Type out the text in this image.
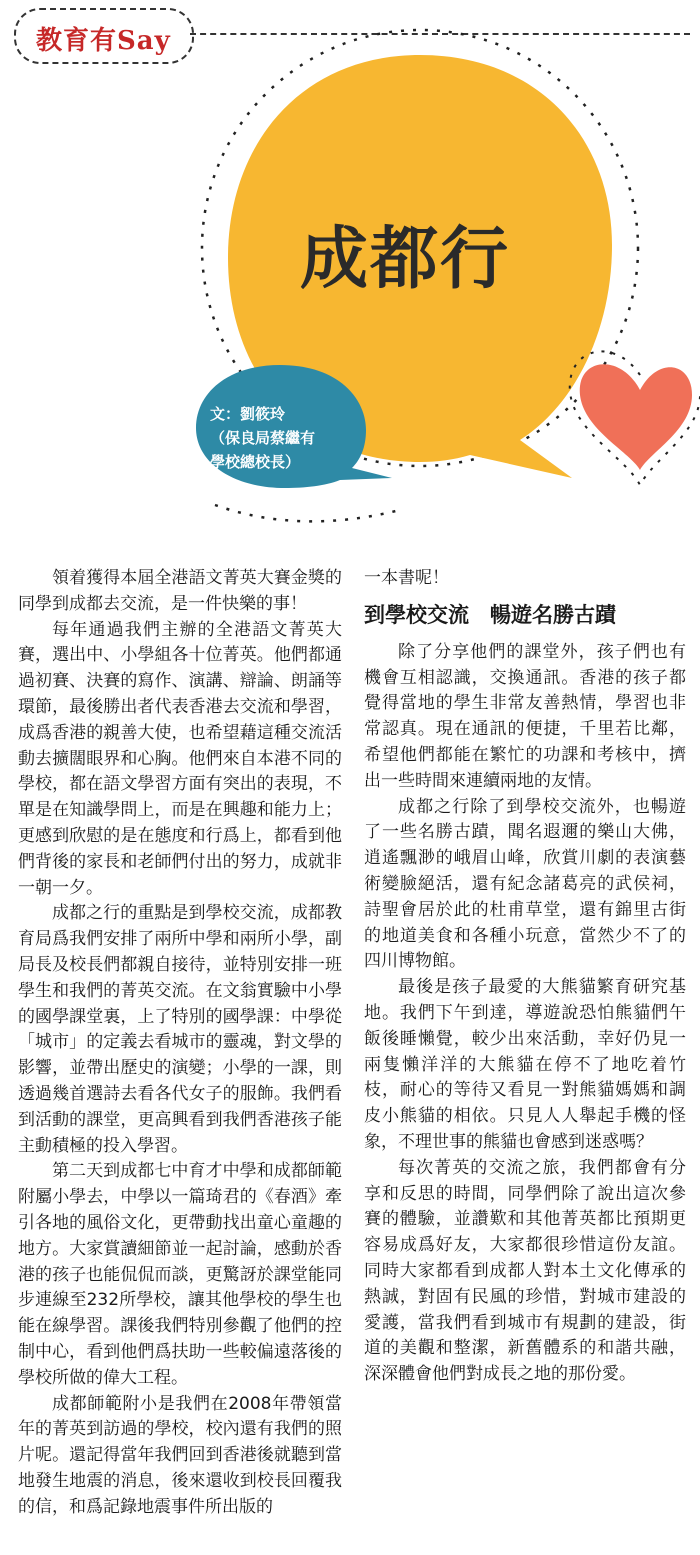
教育有Say
成都行
文：劉筱玲
（保良局蔡繼有
學校總校長）

領着獲得本屆全港語文菁英大賽金獎的同學到成都去交流，是一件快樂的事！

每年通過我們主辦的全港語文菁英大賽，選出中、小學組各十位菁英。他們都通過初賽、決賽的寫作、演講、辯論、朗誦等環節，最後勝出者代表香港去交流和學習，成爲香港的親善大使，也希望藉這種交流活動去擴闊眼界和心胸。他們來自本港不同的學校，都在語文學習方面有突出的表現，不單是在知識學問上，而是在興趣和能力上；更感到欣慰的是在態度和行爲上，都看到他們背後的家長和老師們付出的努力，成就非一朝一夕。

成都之行的重點是到學校交流，成都教育局爲我們安排了兩所中學和兩所小學，副局長及校長們都親自接待，並特別安排一班學生和我們的菁英交流。在文翁實驗中小學的國學課堂裏，上了特別的國學課：中學從「城市」的定義去看城市的靈魂，對文學的影響，並帶出歷史的演變；小學的一課，則透過幾首選詩去看各代女子的服飾。我們看到活動的課堂，更高興看到我們香港孩子能主動積極的投入學習。

第二天到成都七中育才中學和成都師範附屬小學去，中學以一篇琦君的《春酒》牽引各地的風俗文化，更帶動找出童心童趣的地方。大家賞讀細節並一起討論，感動於香港的孩子也能侃侃而談，更驚訝於課堂能同步連線至232所學校，讓其他學校的學生也能在線學習。課後我們特別參觀了他們的控制中心，看到他們爲扶助一些較偏遠落後的學校所做的偉大工程。

成都師範附小是我們在2008年帶領當年的菁英到訪過的學校，校內還有我們的照片呢。還記得當年我們回到香港後就聽到當地發生地震的消息，後來還收到校長回覆我的信，和爲記錄地震事件所出版的

一本書呢！

到學校交流　暢遊名勝古蹟

除了分享他們的課堂外，孩子們也有機會互相認識，交換通訊。香港的孩子都覺得當地的學生非常友善熱情，學習也非常認真。現在通訊的便捷，千里若比鄰，希望他們都能在繁忙的功課和考核中，擠出一些時間來連續兩地的友情。

成都之行除了到學校交流外，也暢遊了一些名勝古蹟，聞名遐邇的樂山大佛，逍遙飄渺的峨眉山峰，欣賞川劇的表演藝術變臉絕活，還有紀念諸葛亮的武侯祠，詩聖會居於此的杜甫草堂，還有錦里古街的地道美食和各種小玩意，當然少不了的四川博物館。

最後是孩子最愛的大熊貓繁育研究基地。我們下午到達，導遊說恐怕熊貓們午飯後睡懶覺，較少出來活動，幸好仍見一兩隻懶洋洋的大熊貓在停不了地吃着竹枝，耐心的等待又看見一對熊貓媽媽和調皮小熊貓的相依。只見人人舉起手機的怪象，不理世事的熊貓也會感到迷惑嗎？

每次菁英的交流之旅，我們都會有分享和反思的時間，同學們除了說出這次參賽的體驗，並讚歎和其他菁英都比預期更容易成爲好友，大家都很珍惜這份友誼。同時大家都看到成都人對本土文化傳承的熱誠，對固有民風的珍惜，對城市建設的愛護，當我們看到城市有規劃的建設，街道的美觀和整潔，新舊體系的和諧共融，深深體會他們對成長之地的那份愛。
